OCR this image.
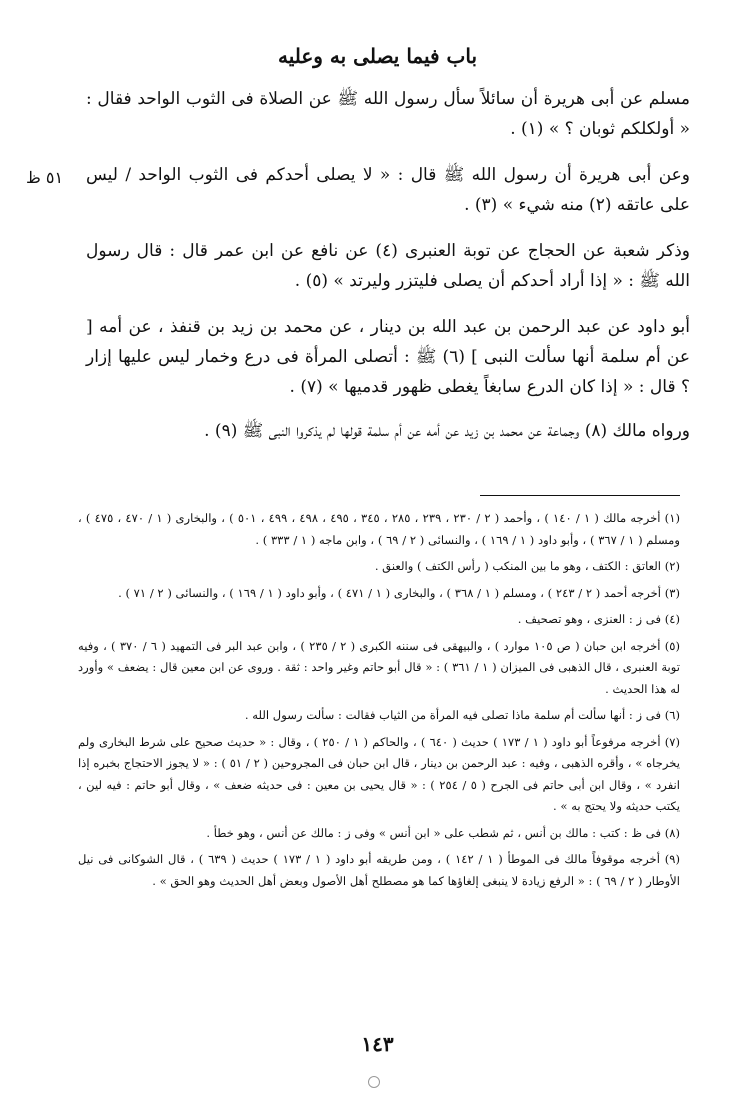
باب فيما يصلى به وعليه
٥١ ظ

مسلم عن أبى هريرة أن سائلاً سأل رسول الله ﷺ عن الصلاة فى الثوب الواحد فقال : « أولكلكم ثوبان ؟ » (١) .

وعن أبى هريرة أن رسول الله ﷺ قال : « لا يصلى أحدكم فى الثوب الواحد / ليس على عاتقه (٢) منه شيء » (٣) .

وذكر شعبة عن الحجاج عن توبة العنبرى (٤) عن نافع عن ابن عمر قال : قال رسول الله ﷺ : « إذا أراد أحدكم أن يصلى فليتزر وليرتد » (٥) .

أبو داود عن عبد الرحمن بن عبد الله بن دينار ، عن محمد بن زيد بن قنفذ ، عن أمه [ عن أم سلمة أنها سألت النبى ] (٦) ﷺ : أتصلى المرأة فى درع وخمار ليس عليها إزار ؟ قال : « إذا كان الدرع سابغاً يغطى ظهور قدميها » (٧) .

ورواه مالك (٨) وجماعة عن محمد بن زيد عن أمه عن أم سلمة قولها لم يذكروا النبى ﷺ (٩) .

(١) أخرجه مالك ( ١ / ١٤٠ ) ، وأحمد ( ٢ / ٢٣٠ ، ٢٣٩ ، ٢٨٥ ، ٣٤٥ ، ٤٩٥ ، ٤٩٨ ، ٤٩٩ ، ٥٠١ ) ، والبخارى ( ١ / ٤٧٠ ، ٤٧٥ ) ، ومسلم ( ١ / ٣٦٧ ) ، وأبو داود ( ١ / ١٦٩ ) ، والنسائى ( ٢ / ٦٩ ) ، وابن ماجه ( ١ / ٣٣٣ ) .

(٢) العاتق : الكتف ، وهو ما بين المنكب ( رأس الكتف ) والعنق .

(٣) أخرجه أحمد ( ٢ / ٢٤٣ ) ، ومسلم ( ١ / ٣٦٨ ) ، والبخارى ( ١ / ٤٧١ ) ، وأبو داود ( ١ / ١٦٩ ) ، والنسائى ( ٢ / ٧١ ) .

(٤) فى ز : العنزى ، وهو تصحيف .

(٥) أخرجه ابن حبان ( ص ١٠٥ موارد ) ، والبيهقى فى سننه الكبرى ( ٢ / ٢٣٥ ) ، وابن عبد البر فى التمهيد ( ٦ / ٣٧٠ ) ، وفيه توبة العنبرى ، قال الذهبى فى الميزان ( ١ / ٣٦١ ) : « قال أبو حاتم وغير واحد : ثقة . وروى عن ابن معين قال : يضعف » وأورد له هذا الحديث .

(٦) فى ز : أنها سألت أم سلمة ماذا تصلى فيه المرأة من الثياب فقالت : سألت رسول الله .

(٧) أخرجه مرفوعاً أبو داود ( ١ / ١٧٣ ) حديث ( ٦٤٠ ) ، والحاكم ( ١ / ٢٥٠ ) ، وقال : « حديث صحيح على شرط البخارى ولم يخرجاه » ، وأقره الذهبى ، وفيه : عبد الرحمن بن دينار ، قال ابن حبان فى المجروحين ( ٢ / ٥١ ) : « لا يجوز الاحتجاج بخبره إذا انفرد » ، وقال ابن أبى حاتم فى الجرح ( ٥ / ٢٥٤ ) : « قال يحيى بن معين : فى حديثه ضعف » ، وقال أبو حاتم : فيه لين ، يكتب حديثه ولا يحتج به » .

(٨) فى ظ : كتب : مالك بن أنس ، ثم شطب على « ابن أنس » وفى ز : مالك عن أنس ، وهو خطأ .

(٩) أخرجه موقوفاً مالك فى الموطأ ( ١ / ١٤٢ ) ، ومن طريقه أبو داود ( ١ / ١٧٣ ) حديث ( ٦٣٩ ) ، قال الشوكانى فى نيل الأوطار ( ٢ / ٦٩ ) : « الرفع زيادة لا ينبغى إلغاؤها كما هو مصطلح أهل الأصول وبعض أهل الحديث وهو الحق » .

١٤٣
